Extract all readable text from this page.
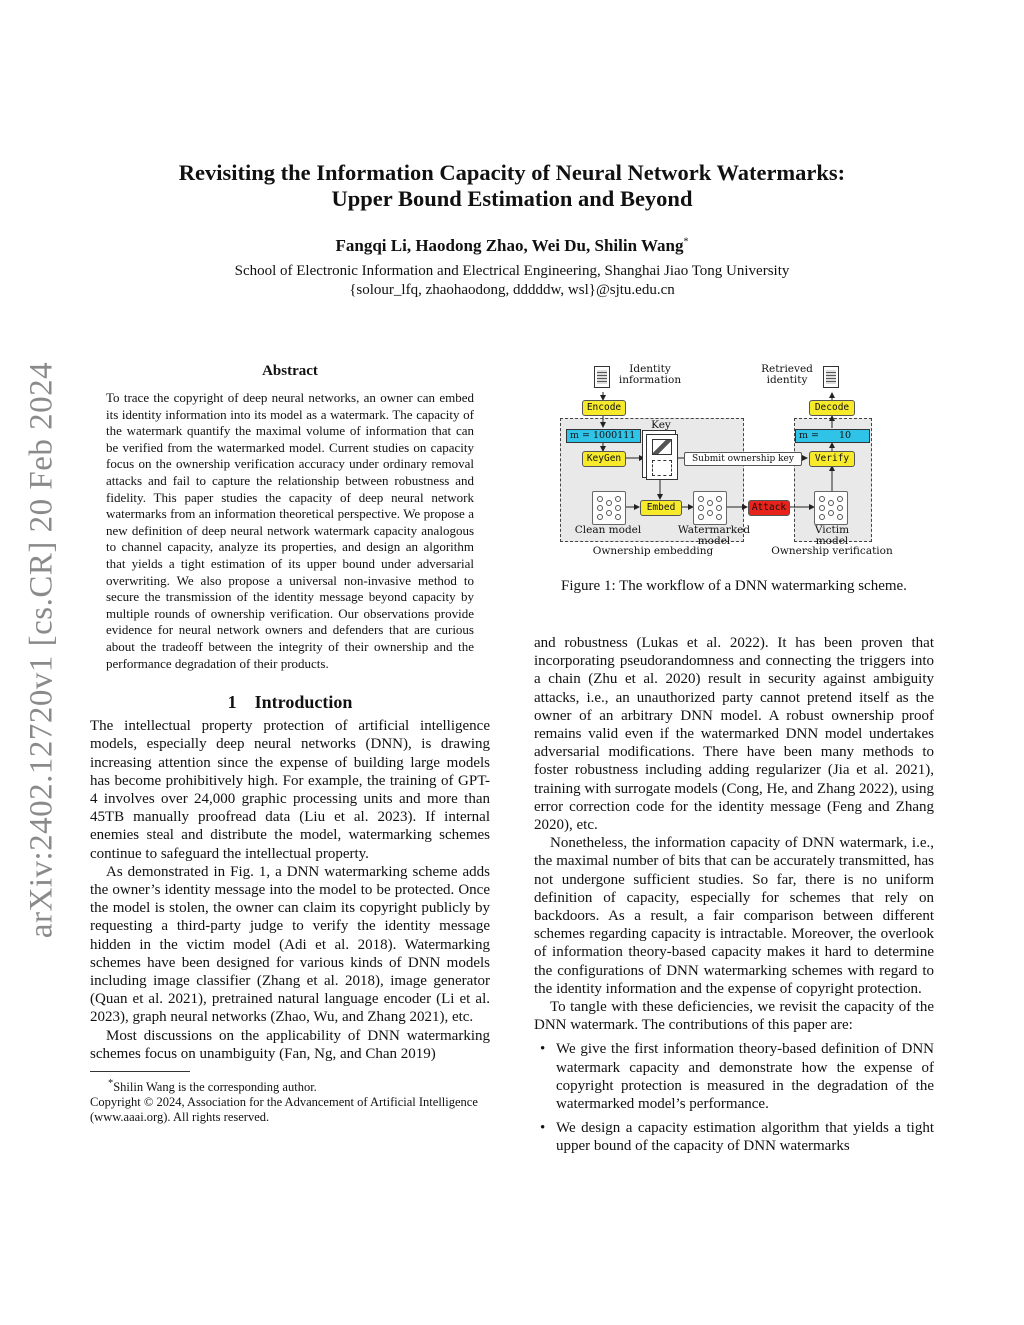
arXiv:2402.12720v1 [cs.CR] 20 Feb 2024
Revisiting the Information Capacity of Neural Network Watermarks:
Upper Bound Estimation and Beyond
Fangqi Li, Haodong Zhao, Wei Du, Shilin Wang*
School of Electronic Information and Electrical Engineering, Shanghai Jiao Tong University
{solour_lfq, zhaohaodong, dddddw, wsl}@sjtu.edu.cn
Abstract
To trace the copyright of deep neural networks, an owner can embed its identity information into its model as a watermark. The capacity of the watermark quantify the maximal volume of information that can be verified from the watermarked model. Current studies on capacity focus on the ownership verification accuracy under ordinary removal attacks and fail to capture the relationship between robustness and fidelity. This paper studies the capacity of deep neural network watermarks from an information theoretical perspective. We propose a new definition of deep neural network watermark capacity analogous to channel capacity, analyze its properties, and design an algorithm that yields a tight estimation of its upper bound under adversarial overwriting. We also propose a universal non-invasive method to secure the transmission of the identity message beyond capacity by multiple rounds of ownership verification. Our observations provide evidence for neural network owners and defenders that are curious about the tradeoff between the integrity of their ownership and the performance degradation of their products.
1    Introduction

The intellectual property protection of artificial intelligence models, especially deep neural networks (DNN), is drawing increasing attention since the expense of building large models has become prohibitively high. For example, the training of GPT-4 involves over 24,000 graphic processing units and more than 45TB manually proofread data (Liu et al. 2023). If internal enemies steal and distribute the model, watermarking schemes continue to safeguard the intellectual property.

As demonstrated in Fig. 1, a DNN watermarking scheme adds the owner’s identity message into the model to be protected. Once the model is stolen, the owner can claim its copyright publicly by requesting a third-party judge to verify the identity message hidden in the victim model (Adi et al. 2018). Watermarking schemes have been designed for various kinds of DNN models including image classifier (Zhang et al. 2018), image generator (Quan et al. 2021), pretrained natural language encoder (Li et al. 2023), graph neural networks (Zhao, Wu, and Zhang 2021), etc.

Most discussions on the applicability of DNN watermarking schemes focus on unambiguity (Fan, Ng, and Chan 2019)

*Shilin Wang is the corresponding author.
Copyright © 2024, Association for the Advancement of Artificial Intelligence (www.aaai.org). All rights reserved.
Identity
information
Retrieved
identity
Encode	Decode
m = 1000111	m = 10
Key
KeyGen	Submit ownership key	Verify
Embed	Attack
Clean model	Watermarked
model
Victim
model
Ownership embedding	Ownership verification
Figure 1: The workflow of a DNN watermarking scheme.

and robustness (Lukas et al. 2022). It has been proven that incorporating pseudorandomness and connecting the triggers into a chain (Zhu et al. 2020) result in security against ambiguity attacks, i.e., an unauthorized party cannot pretend itself as the owner of an arbitrary DNN model. A robust ownership proof remains valid even if the watermarked DNN model undertakes adversarial modifications. There have been many methods to foster robustness including adding regularizer (Jia et al. 2021), training with surrogate models (Cong, He, and Zhang 2022), using error correction code for the identity message (Feng and Zhang 2020), etc.

Nonetheless, the information capacity of DNN watermark, i.e., the maximal number of bits that can be accurately transmitted, has not undergone sufficient studies. So far, there is no uniform definition of capacity, especially for schemes that rely on backdoors. As a result, a fair comparison between different schemes regarding capacity is intractable. Moreover, the overlook of information theory-based capacity makes it hard to determine the configurations of DNN watermarking schemes with regard to the identity information and the expense of copyright protection.

To tangle with these deficiencies, we revisit the capacity of the DNN watermark. The contributions of this paper are:

• We give the first information theory-based definition of DNN watermark capacity and demonstrate how the expense of copyright protection is measured in the degradation of the watermarked model’s performance.
• We design a capacity estimation algorithm that yields a tight upper bound of the capacity of DNN watermarks
